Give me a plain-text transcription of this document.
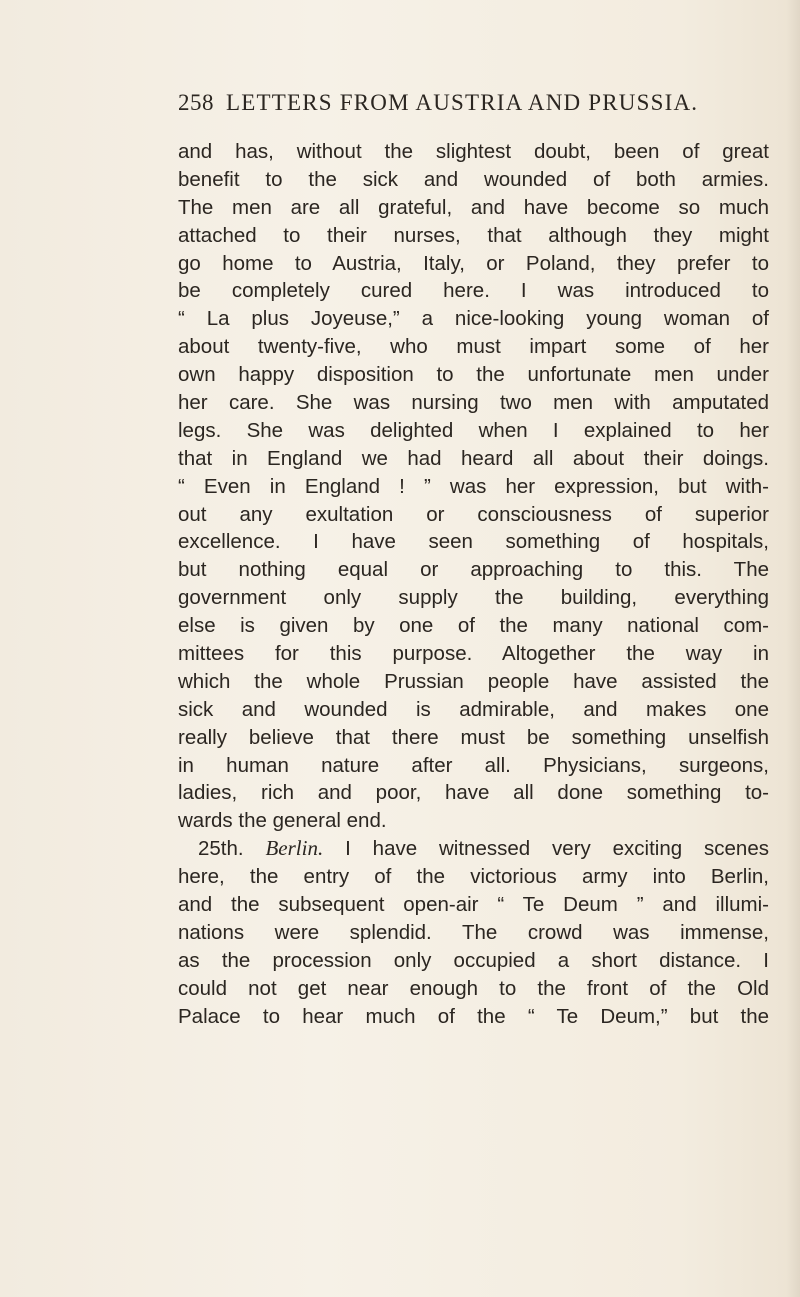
258 LETTERS FROM AUSTRIA AND PRUSSIA.
and has, without the slightest doubt, been of great
benefit to the sick and wounded of both armies.
The men are all grateful, and have become so much
attached to their nurses, that although they might
go home to Austria, Italy, or Poland, they prefer to
be completely cured here. I was introduced to
“ La plus Joyeuse,” a nice-looking young woman of
about twenty-five, who must impart some of her
own happy disposition to the unfortunate men under
her care. She was nursing two men with amputated
legs. She was delighted when I explained to her
that in England we had heard all about their doings.
“ Even in England ! ” was her expression, but with-
out any exultation or consciousness of superior
excellence. I have seen something of hospitals,
but nothing equal or approaching to this. The
government only supply the building, everything
else is given by one of the many national com-
mittees for this purpose. Altogether the way in
which the whole Prussian people have assisted the
sick and wounded is admirable, and makes one
really believe that there must be something unselfish
in human nature after all. Physicians, surgeons,
ladies, rich and poor, have all done something to-
wards the general end.
25th. Berlin. I have witnessed very exciting scenes
here, the entry of the victorious army into Berlin,
and the subsequent open-air “ Te Deum ” and illumi-
nations were splendid. The crowd was immense,
as the procession only occupied a short distance. I
could not get near enough to the front of the Old
Palace to hear much of the “ Te Deum,” but the
